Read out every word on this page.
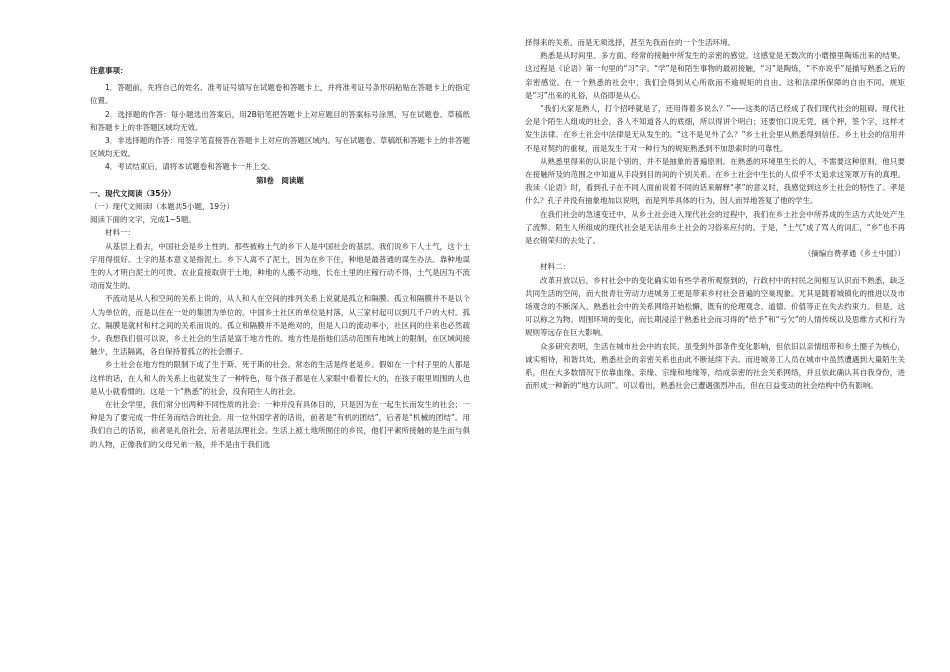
注意事项：

1．答题前，先将自己的姓名、准考证号填写在试题卷和答题卡上，并将准考证号条形码粘贴在答题卡上的指定位置。

2．选择题的作答：每小题选出答案后，用2B铅笔把答题卡上对应题目的答案标号涂黑，写在试题卷、草稿纸和答题卡上的非答题区域均无效。

3．非选择题的作答：用签字笔直接答在答题卡上对应的答题区域内。写在试题卷、草稿纸和答题卡上的非答题区域均无效。

4．考试结束后，请将本试题卷和答题卡一并上交。

第Ⅰ卷　阅读题

一、现代文阅读（35分）

（一）现代文阅读Ⅰ（本题共5小题，19分）

阅读下面的文字，完成1~5题。

材料一：

从基层上看去，中国社会是乡土性的。那些被称土气的乡下人是中国社会的基层。我们说乡下人土气，这个土字用得很好。土字的基本意义是指泥土。乡下人离不了泥土，因为在乡下住，种地是最普通的谋生办法。靠种地谋生的人才明白泥土的可贵。农业直接取资于土地，种地的人搬不动地，长在土里的庄稼行动不得，土气是因为不流动而发生的。

不流动是从人和空间的关系上说的，从人和人在空间的排列关系上说就是孤立和隔膜。孤立和隔膜并不是以个人为单位的，而是以住在一处的集团为单位的。中国乡土社区的单位是村落，从三家村起可以到几千户的大村。孤立、隔膜是就村和村之间的关系而说的。孤立和隔膜并不是绝对的，但是人口的流动率小，社区间的往来也必然疏少。我想我们很可以说，乡土社会的生活是富于地方性的。地方性是指他们活动范围有地域上的限制，在区域间接触少，生活隔离，各自保持着孤立的社会圈子。

乡土社会在地方性的限制下成了生于斯、死于斯的社会。常态的生活是终老是乡。假如在一个村子里的人都是这样的话，在人和人的关系上也就发生了一种特色，每个孩子都是在人家眼中看着长大的，在孩子眼里周围的人也是从小就看惯的。这是一个“熟悉”的社会，没有陌生人的社会。

在社会学里，我们常分出两种不同性质的社会：一种并没有具体目的，只是因为在一起生长而发生的社会；一种是为了要完成一件任务而结合的社会。用一位外国学者的话说，前者是“有机的团结”，后者是“机械的团结”。用我们自己的话说，前者是礼俗社会，后者是法理社会。生活上被土地所囿住的乡民，他们平素所接触的是生而与俱的人物，正像我们的父母兄弟一般，并不是由于我们选

择得来的关系，而是无须选择，甚至先我而在的一个生活环境。

熟悉是从时间里、多方面、经常的接触中所发生的亲密的感觉。这感觉是无数次的小磨擦里陶炼出来的结果。这过程是《论语》第一句里的“习”字。“学”是和陌生事物的最初接触，“习”是陶炼，“不亦说乎”是描写熟悉之后的亲密感觉。在一个熟悉的社会中，我们会得到从心所欲而不逾规矩的自由。这和法律所保障的自由不同。规矩是“习”出来的礼俗，从俗即是从心。

“我们大家是熟人，打个招呼就是了，还用得着多说么？”——这类的话已经成了我们现代社会的阻碍。现代社会是个陌生人组成的社会，各人不知道各人的底细，所以得讲个明白；还要怕口说无凭，画个押，签个字，这样才发生法律。在乡土社会中法律是无从发生的。“这不是见外了么？”乡土社会里从熟悉得到信任。乡土社会的信用并不是对契约的重视，而是发生于对一种行为的规矩熟悉到不加思索时的可靠性。

从熟悉里得来的认识是个别的，并不是抽象的普遍原则。在熟悉的环境里生长的人，不需要这种原则，他只要在接触所及的范围之中知道从手段到目的间的个别关系。在乡土社会中生长的人似乎不太追求这笼罩万有的真理。我读《论语》时，看到孔子在不同人面前说着不同的话来解释“孝”的意义时，我感觉到这乡土社会的特性了。孝是什么？孔子并没有抽象地加以说明，而是列举具体的行为，因人而异地答复了他的学生。

在我们社会的急速变迁中，从乡土社会进入现代社会的过程中，我们在乡土社会中所养成的生活方式处处产生了流弊。陌生人所组成的现代社会是无法用乡土社会的习俗来应付的。于是，“土气”成了骂人的词汇，“乡”也不再是衣锦荣归的去处了。

（摘编自费孝通《乡土中国》）

材料二：

改革开放以后，乡村社会中的变化确实如有些学者所观察到的，行政村中的村民之间相互认识而不熟悉，缺乏共同生活的空间，而大批青壮劳动力进城务工更是带来乡村社会普遍的空巢现象。尤其是随着城镇化的推进以及市场观念的不断深入，熟悉社会中的关系网络开始松懈，既有的伦理观念、道德、价值等正在失去约束力。但是，这可以称之为物。周围环境的变化，而长期浸淫于熟悉社会而习得的“给予”和“亏欠”的人情传统以及思维方式和行为规则等远存在巨大影响。

众多研究表明，生活在城市社会中的农民，虽受到外部条件变化影响，但依旧以亲情纽带和乡土圈子为核心，诚实相待，和谐共处，熟悉社会的亲密关系也由此不断延续下去。而进城务工人员在城市中虽然遭遇到大量陌生关系，但在大多数情况下依靠血缘、亲缘、宗缘和地缘等，结成亲密的社会关系网络，并且依此确认其自我身份，进而形成一种新的“地方认同”。可以看出，熟悉社会已遭遇强烈冲击，但在日益变动的社会结构中仍有影响。
